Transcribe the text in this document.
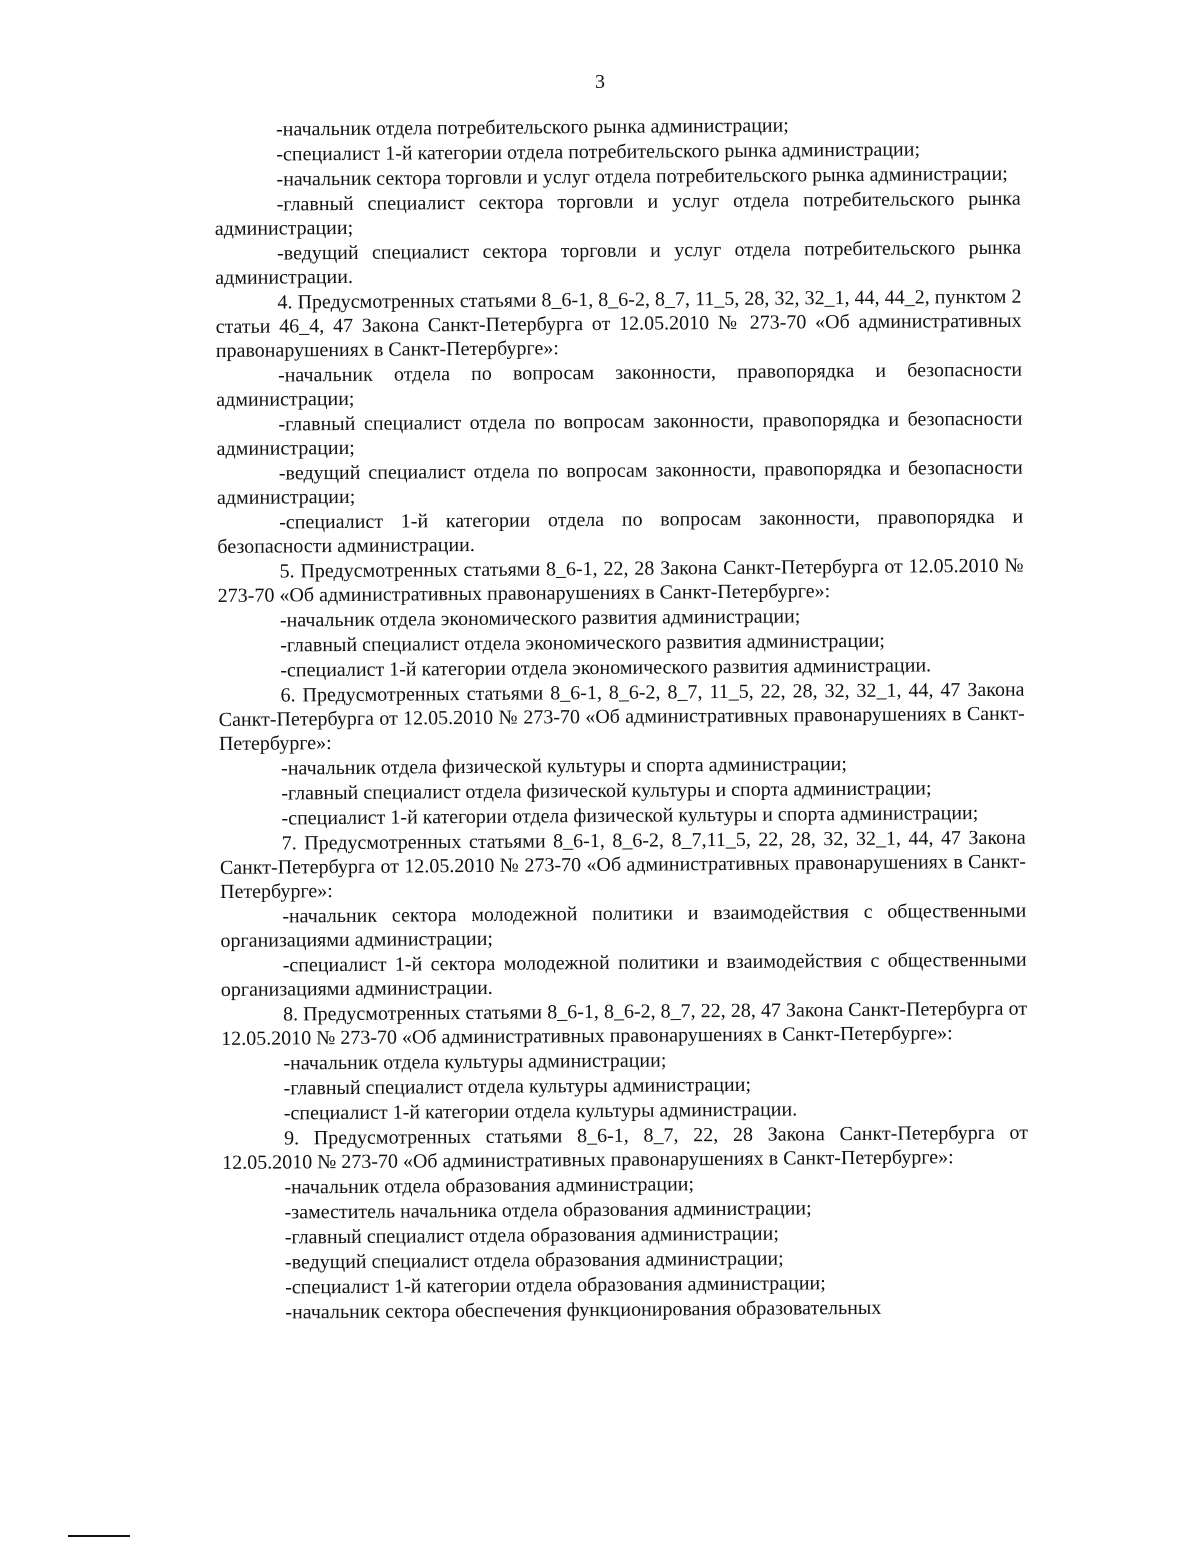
3

-начальник отдела потребительского рынка администрации;

-специалист 1-й категории отдела потребительского рынка администрации;

-начальник сектора торговли и услуг отдела потребительского рынка администрации;

-главный специалист сектора торговли и услуг отдела потребительского рынка администрации;

-ведущий специалист сектора торговли и услуг отдела потребительского рынка администрации.

4. Предусмотренных статьями 8_6-1, 8_6-2, 8_7, 11_5, 28, 32, 32_1, 44, 44_2, пунктом 2 статьи 46_4, 47 Закона Санкт-Петербурга от 12.05.2010 № 273-70 «Об административных правонарушениях в Санкт-Петербурге»:

-начальник отдела по вопросам законности, правопорядка и безопасности администрации;

-главный специалист отдела по вопросам законности, правопорядка и безопасности администрации;

-ведущий специалист отдела по вопросам законности, правопорядка и безопасности администрации;

-специалист 1-й категории отдела по вопросам законности, правопорядка и безопасности администрации.

5. Предусмотренных статьями 8_6-1, 22, 28 Закона Санкт-Петербурга от 12.05.2010 № 273-70 «Об административных правонарушениях в Санкт-Петербурге»:

-начальник отдела экономического развития администрации;

-главный специалист отдела экономического развития администрации;

-специалист 1-й категории отдела экономического развития администрации.

6. Предусмотренных статьями 8_6-1, 8_6-2, 8_7, 11_5, 22, 28, 32, 32_1, 44, 47 Закона Санкт-Петербурга от 12.05.2010 № 273-70 «Об административных правонарушениях в Санкт-Петербурге»:

-начальник отдела физической культуры и спорта администрации;

-главный специалист отдела физической культуры и спорта администрации;

-специалист 1-й категории отдела физической культуры и спорта администрации;

7. Предусмотренных статьями 8_6-1, 8_6-2, 8_7,11_5, 22, 28, 32, 32_1, 44, 47 Закона Санкт-Петербурга от 12.05.2010 № 273-70 «Об административных правонарушениях в Санкт-Петербурге»:

-начальник сектора молодежной политики и взаимодействия с общественными организациями администрации;

-специалист 1-й сектора молодежной политики и взаимодействия с общественными организациями администрации.

8. Предусмотренных статьями 8_6-1, 8_6-2, 8_7, 22, 28, 47 Закона Санкт-Петербурга от 12.05.2010 № 273-70 «Об административных правонарушениях в Санкт-Петербурге»:

-начальник отдела культуры администрации;

-главный специалист отдела культуры администрации;

-специалист 1-й категории отдела культуры администрации.

9. Предусмотренных статьями 8_6-1, 8_7, 22, 28 Закона Санкт-Петербурга от 12.05.2010 № 273-70 «Об административных правонарушениях в Санкт-Петербурге»:

-начальник отдела образования администрации;

-заместитель начальника отдела образования администрации;

-главный специалист отдела образования администрации;

-ведущий специалист отдела образования администрации;

-специалист 1-й категории отдела образования администрации;

-начальник сектора обеспечения функционирования образовательных
